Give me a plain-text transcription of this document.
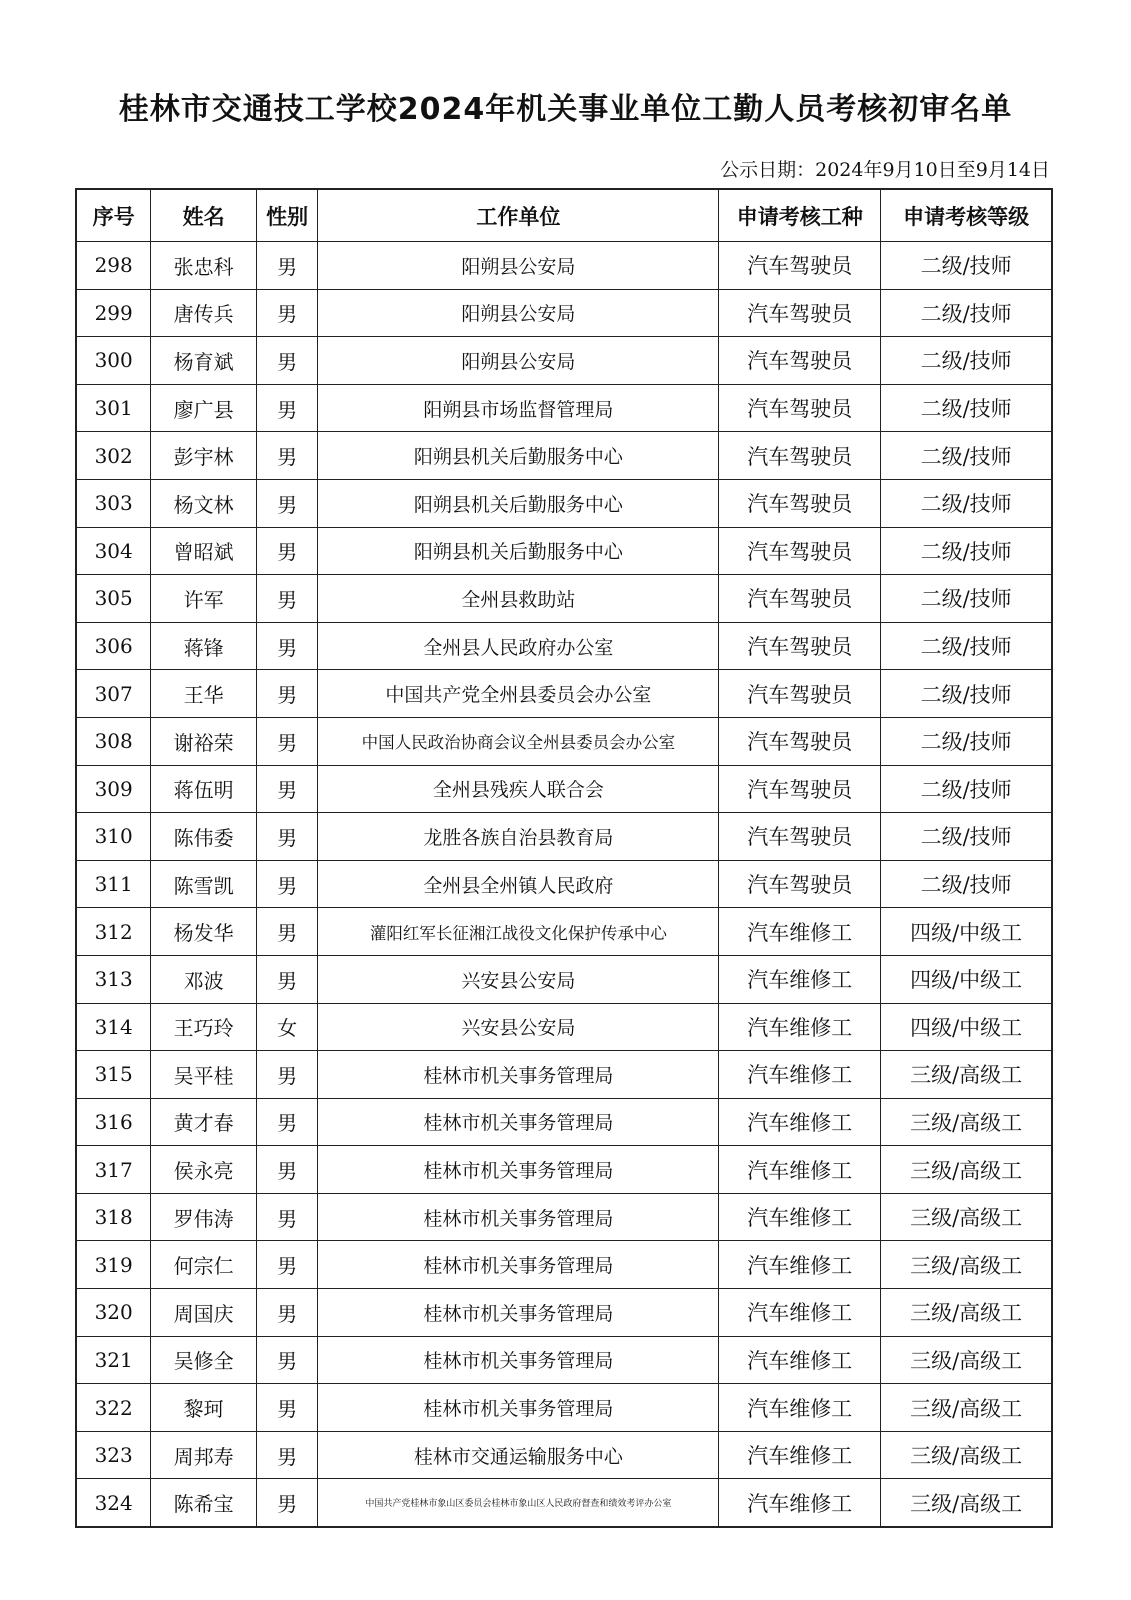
桂林市交通技工学校2024年机关事业单位工勤人员考核初审名单
公示日期：2024年9月10日至9月14日
序号	姓名	性别	工作单位	申请考核工种	申请考核等级
298	张忠科	男	阳朔县公安局	汽车驾驶员	二级/技师
299	唐传兵	男	阳朔县公安局	汽车驾驶员	二级/技师
300	杨育斌	男	阳朔县公安局	汽车驾驶员	二级/技师
301	廖广县	男	阳朔县市场监督管理局	汽车驾驶员	二级/技师
302	彭宇林	男	阳朔县机关后勤服务中心	汽车驾驶员	二级/技师
303	杨文林	男	阳朔县机关后勤服务中心	汽车驾驶员	二级/技师
304	曾昭斌	男	阳朔县机关后勤服务中心	汽车驾驶员	二级/技师
305	许军	男	全州县救助站	汽车驾驶员	二级/技师
306	蒋锋	男	全州县人民政府办公室	汽车驾驶员	二级/技师
307	王华	男	中国共产党全州县委员会办公室	汽车驾驶员	二级/技师
308	谢裕荣	男	中国人民政治协商会议全州县委员会办公室	汽车驾驶员	二级/技师
309	蒋伍明	男	全州县残疾人联合会	汽车驾驶员	二级/技师
310	陈伟委	男	龙胜各族自治县教育局	汽车驾驶员	二级/技师
311	陈雪凯	男	全州县全州镇人民政府	汽车驾驶员	二级/技师
312	杨发华	男	灌阳红军长征湘江战役文化保护传承中心	汽车维修工	四级/中级工
313	邓波	男	兴安县公安局	汽车维修工	四级/中级工
314	王巧玲	女	兴安县公安局	汽车维修工	四级/中级工
315	吴平桂	男	桂林市机关事务管理局	汽车维修工	三级/高级工
316	黄才春	男	桂林市机关事务管理局	汽车维修工	三级/高级工
317	侯永亮	男	桂林市机关事务管理局	汽车维修工	三级/高级工
318	罗伟涛	男	桂林市机关事务管理局	汽车维修工	三级/高级工
319	何宗仁	男	桂林市机关事务管理局	汽车维修工	三级/高级工
320	周国庆	男	桂林市机关事务管理局	汽车维修工	三级/高级工
321	吴修全	男	桂林市机关事务管理局	汽车维修工	三级/高级工
322	黎珂	男	桂林市机关事务管理局	汽车维修工	三级/高级工
323	周邦寿	男	桂林市交通运输服务中心	汽车维修工	三级/高级工
324	陈希宝	男	中国共产党桂林市象山区委员会桂林市象山区人民政府督查和绩效考评办公室	汽车维修工	三级/高级工
